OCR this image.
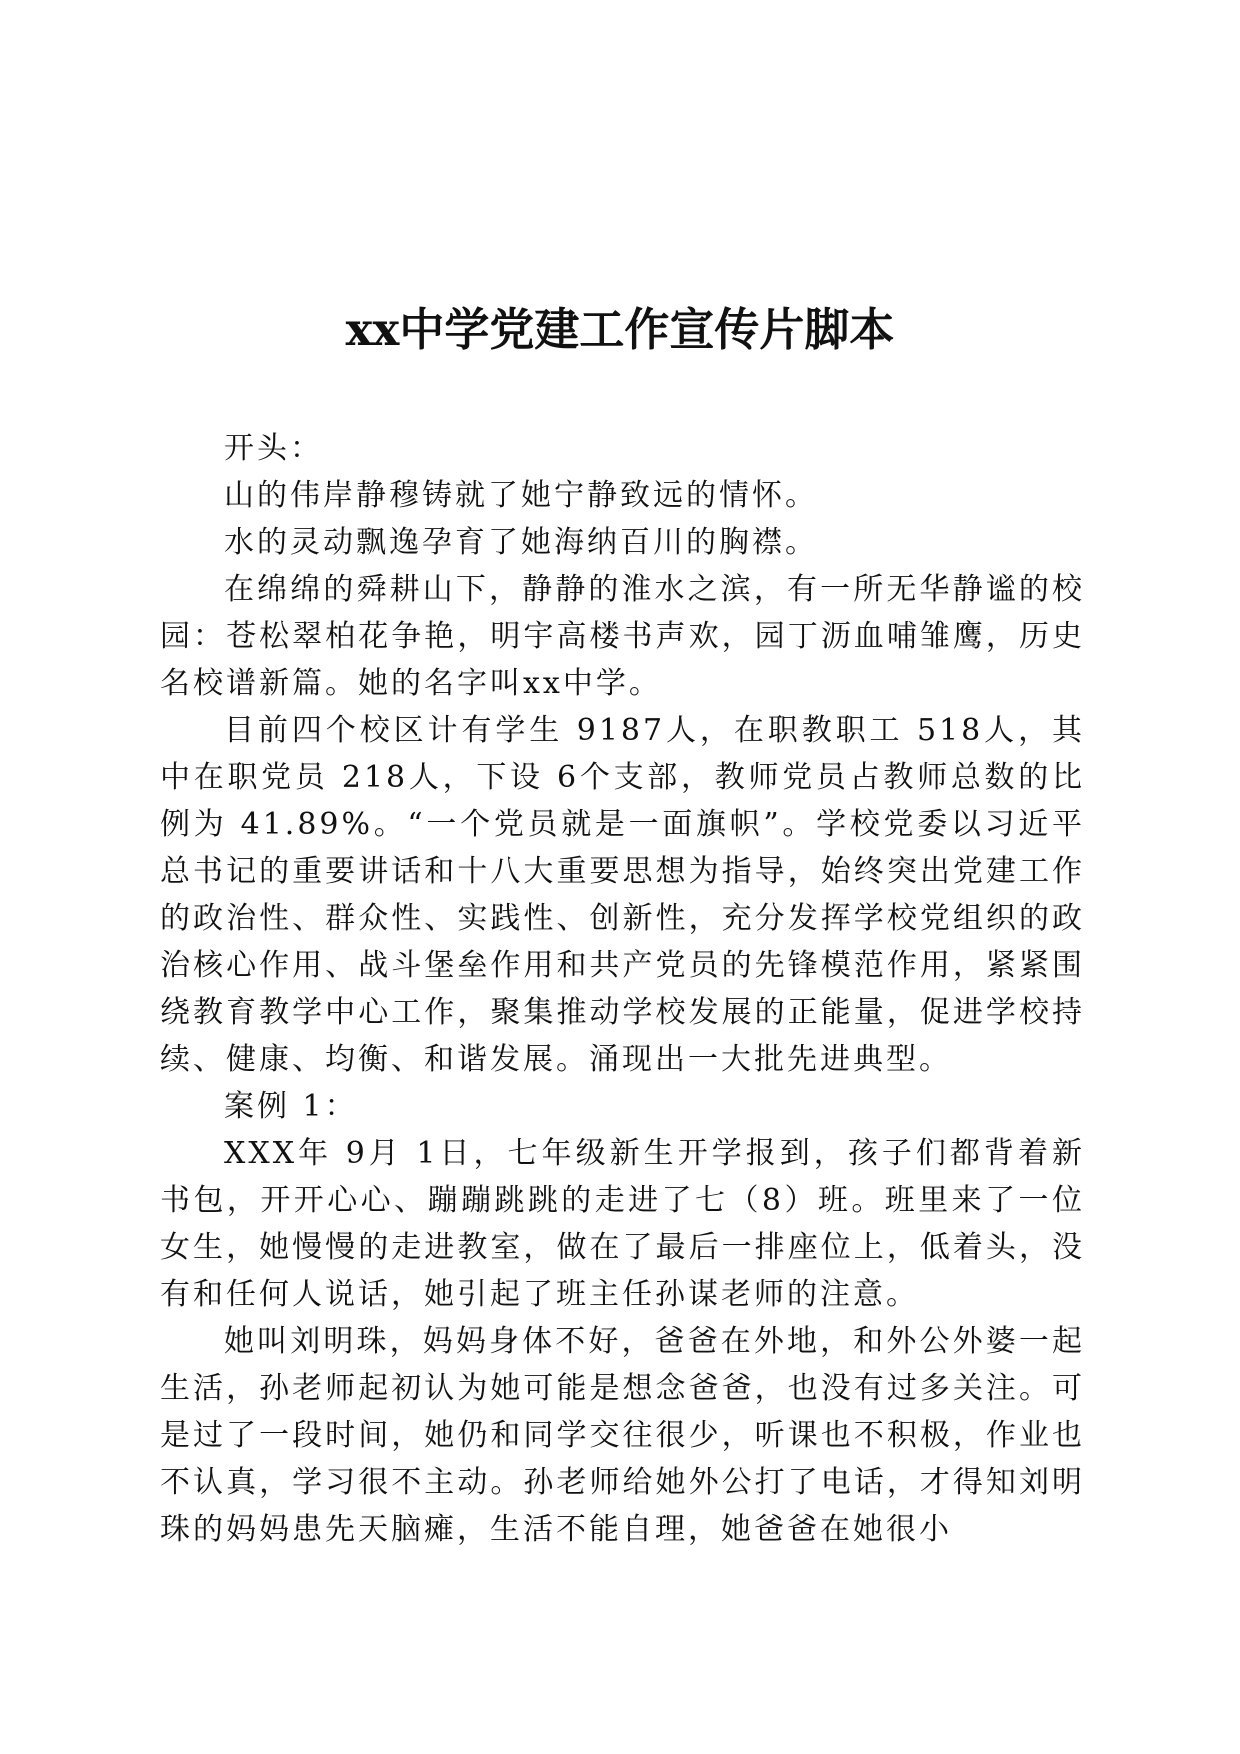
xx中学党建工作宣传片脚本

开头：

山的伟岸静穆铸就了她宁静致远的情怀。

水的灵动飘逸孕育了她海纳百川的胸襟。

在绵绵的舜耕山下，静静的淮水之滨，有一所无华静谧的校园：苍松翠柏花争艳，明宇高楼书声欢，园丁沥血哺雏鹰，历史名校谱新篇。她的名字叫xx中学。

目前四个校区计有学生 9187人，在职教职工 518人，其中在职党员 218人，下设 6个支部，教师党员占教师总数的比例为 41.89%。“一个党员就是一面旗帜”。学校党委以习近平总书记的重要讲话和十八大重要思想为指导，始终突出党建工作的政治性、群众性、实践性、创新性，充分发挥学校党组织的政治核心作用、战斗堡垒作用和共产党员的先锋模范作用，紧紧围绕教育教学中心工作，聚集推动学校发展的正能量，促进学校持续、健康、均衡、和谐发展。涌现出一大批先进典型。

案例 1：

XXX年 9月 1日，七年级新生开学报到，孩子们都背着新书包，开开心心、蹦蹦跳跳的走进了七（8）班。班里来了一位女生，她慢慢的走进教室，做在了最后一排座位上，低着头，没有和任何人说话，她引起了班主任孙谋老师的注意。

她叫刘明珠，妈妈身体不好，爸爸在外地，和外公外婆一起生活，孙老师起初认为她可能是想念爸爸，也没有过多关注。可是过了一段时间，她仍和同学交往很少，听课也不积极，作业也不认真，学习很不主动。孙老师给她外公打了电话，才得知刘明珠的妈妈患先天脑瘫，生活不能自理，她爸爸在她很小
